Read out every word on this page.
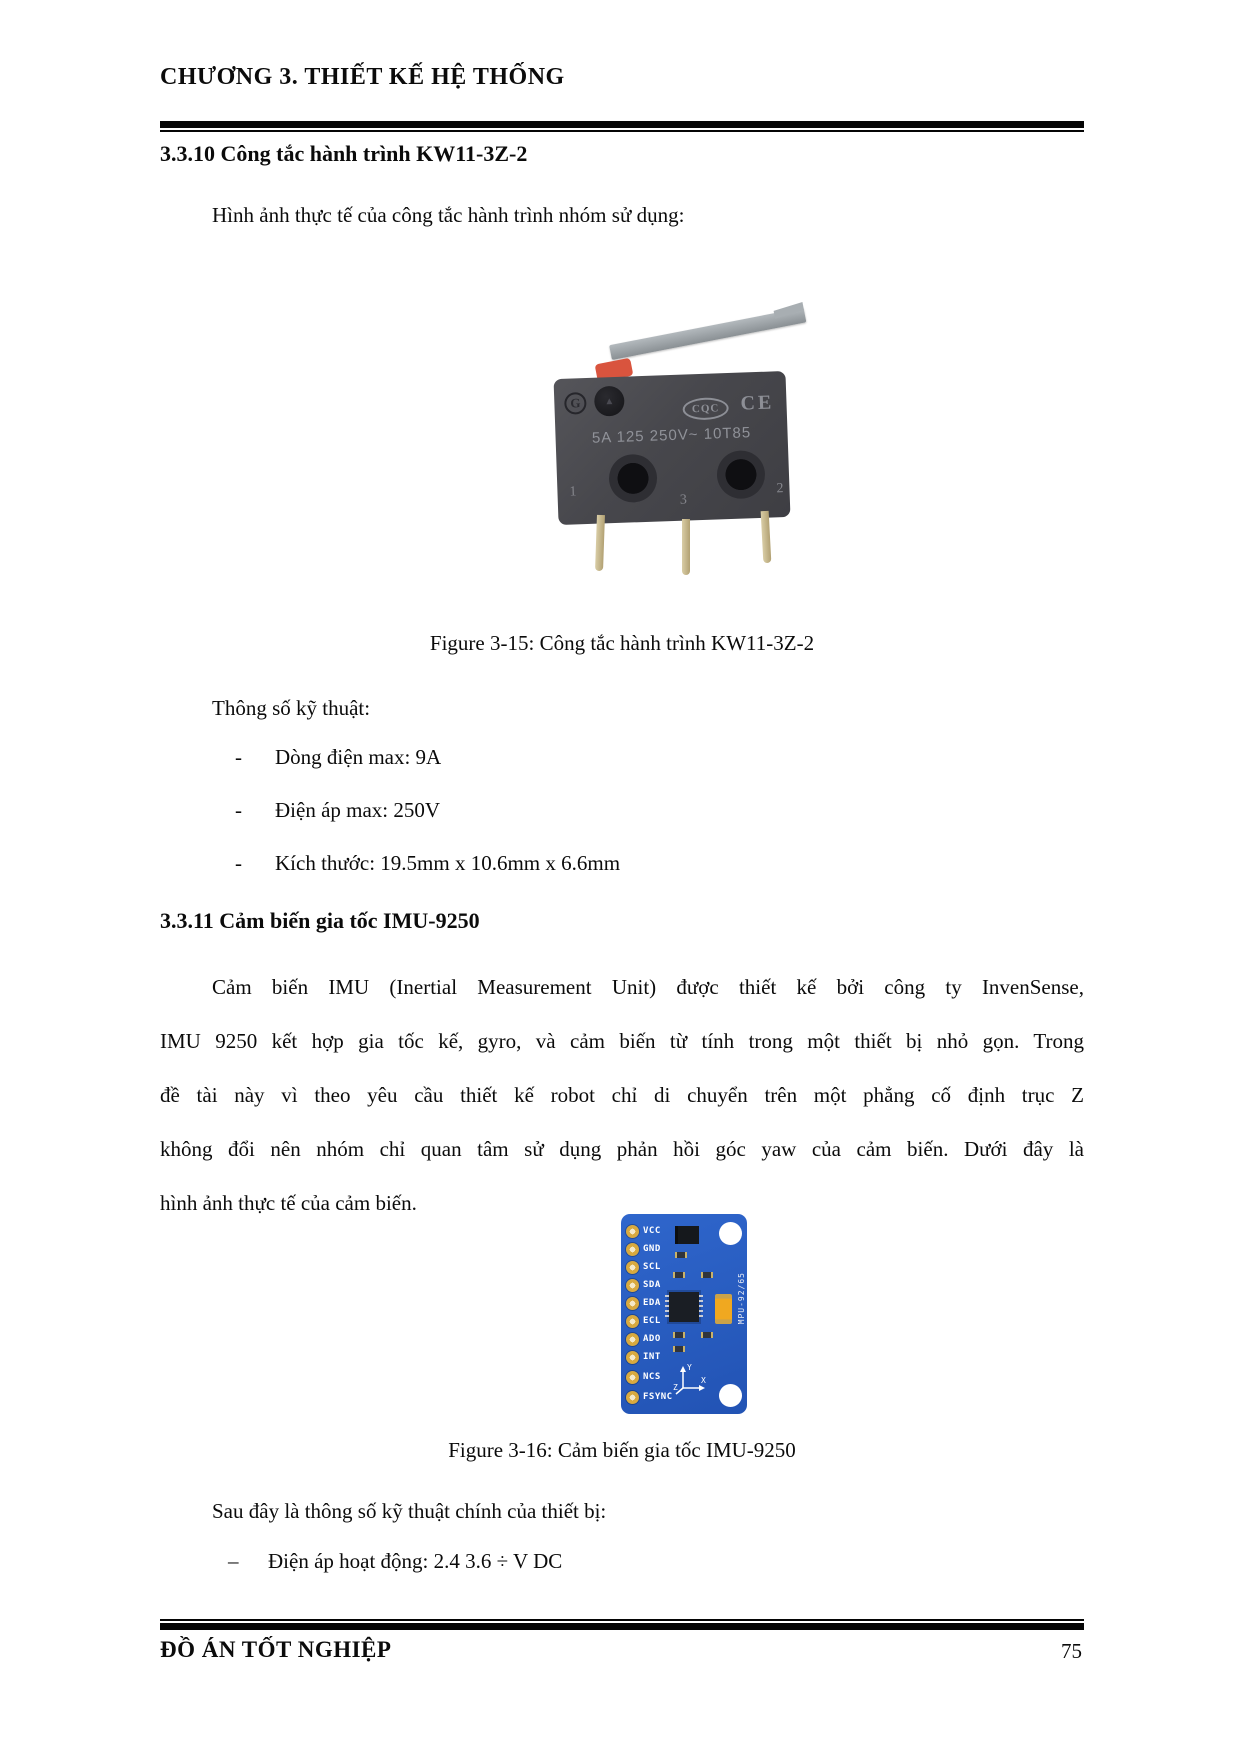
CHƯƠNG 3. THIẾT KẾ HỆ THỐNG
3.3.10 Công tắc hành trình KW11-3Z-2
Hình ảnh thực tế của công tắc hành trình nhóm sử dụng:
G	▲
CQC	CE
5A 125 250V~ 10T85
1
3
2
Figure 3-15: Công tắc hành trình KW11-3Z-2
Thông số kỹ thuật:
- Dòng điện max: 9A
- Điện áp max: 250V
- Kích thước: 19.5mm x 10.6mm x 6.6mm
3.3.11 Cảm biến gia tốc IMU-9250
Cảm biến IMU (Inertial Measurement Unit) được thiết kế bởi công ty InvenSense,
IMU 9250 kết hợp gia tốc kế, gyro, và cảm biến từ tính trong một thiết bị nhỏ gọn. Trong
đề tài này vì theo yêu cầu thiết kế robot chỉ di chuyển trên một phẳng cố định trục Z
không đổi nên nhóm chỉ quan tâm sử dụng phản hồi góc yaw của cảm biến. Dưới đây là
hình ảnh thực tế của cảm biến.
VCC
GND
SCL
SDA
EDA
ECL
ADO
INT
NCS
FSYNC
MPU-92/65
Y
X
Z
Figure 3-16: Cảm biến gia tốc IMU-9250
Sau đây là thông số kỹ thuật chính của thiết bị:
– Điện áp hoạt động: 2.4 3.6 ÷ V DC
ĐỒ ÁN TỐT NGHIỆP	75
